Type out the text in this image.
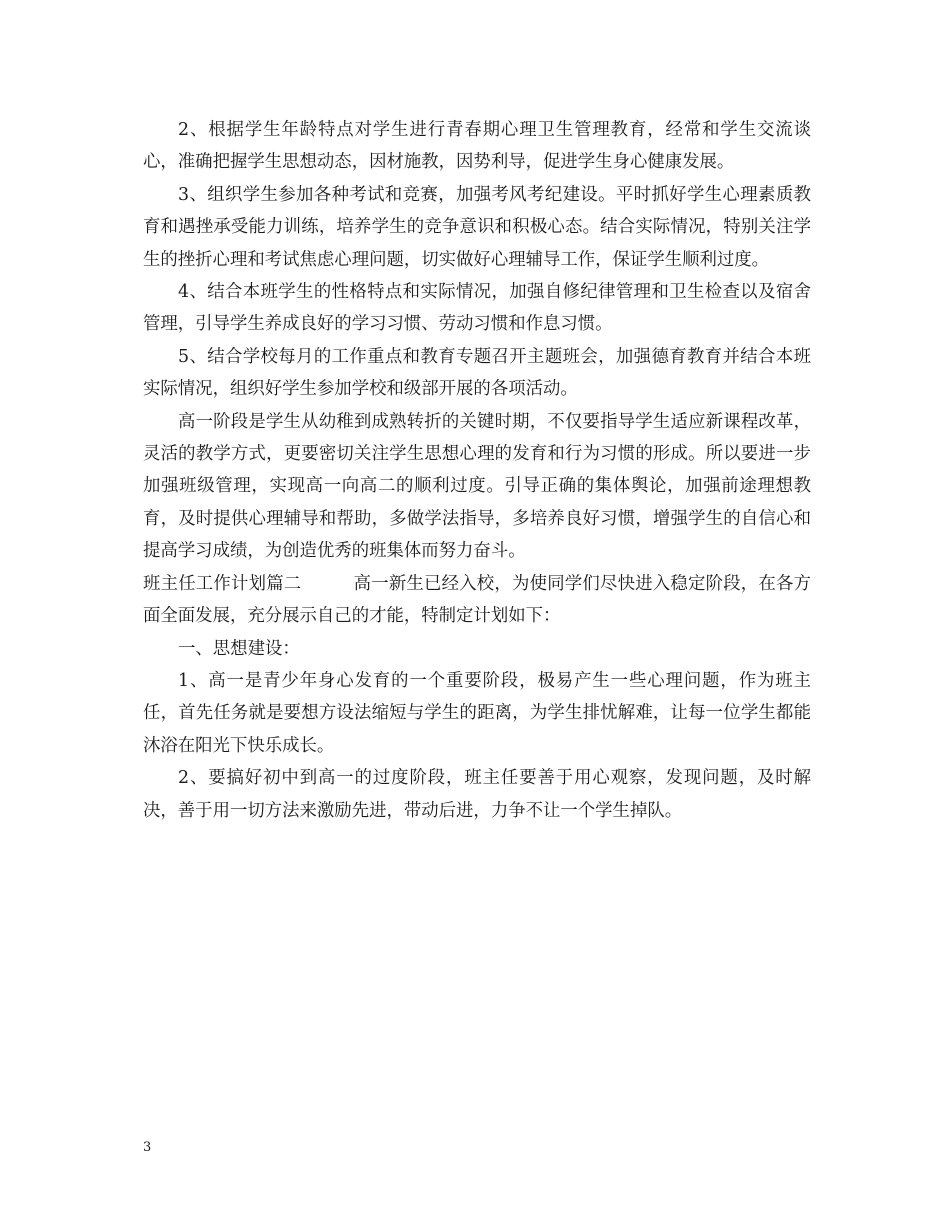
2、根据学生年龄特点对学生进行青春期心理卫生管理教育，经常和学生交流谈心，准确把握学生思想动态，因材施教，因势利导，促进学生身心健康发展。

3、组织学生参加各种考试和竞赛，加强考风考纪建设。平时抓好学生心理素质教育和遇挫承受能力训练，培养学生的竞争意识和积极心态。结合实际情况，特别关注学生的挫折心理和考试焦虑心理问题，切实做好心理辅导工作，保证学生顺利过度。

4、结合本班学生的性格特点和实际情况，加强自修纪律管理和卫生检查以及宿舍管理，引导学生养成良好的学习习惯、劳动习惯和作息习惯。

5、结合学校每月的工作重点和教育专题召开主题班会，加强德育教育并结合本班实际情况，组织好学生参加学校和级部开展的各项活动。

高一阶段是学生从幼稚到成熟转折的关键时期，不仅要指导学生适应新课程改革，灵活的教学方式，更要密切关注学生思想心理的发育和行为习惯的形成。所以要进一步加强班级管理，实现高一向高二的顺利过度。引导正确的集体舆论，加强前途理想教育，及时提供心理辅导和帮助，多做学法指导，多培养良好习惯，增强学生的自信心和提高学习成绩，为创造优秀的班集体而努力奋斗。

班主任工作计划篇二	高一新生已经入校，为使同学们尽快进入稳定阶段，在各方面全面发展，充分展示自己的才能，特制定计划如下：

一、思想建设：

1、高一是青少年身心发育的一个重要阶段，极易产生一些心理问题，作为班主任，首先任务就是要想方设法缩短与学生的距离，为学生排忧解难，让每一位学生都能沐浴在阳光下快乐成长。

2、要搞好初中到高一的过度阶段，班主任要善于用心观察，发现问题，及时解决，善于用一切方法来激励先进，带动后进，力争不让一个学生掉队。

3
